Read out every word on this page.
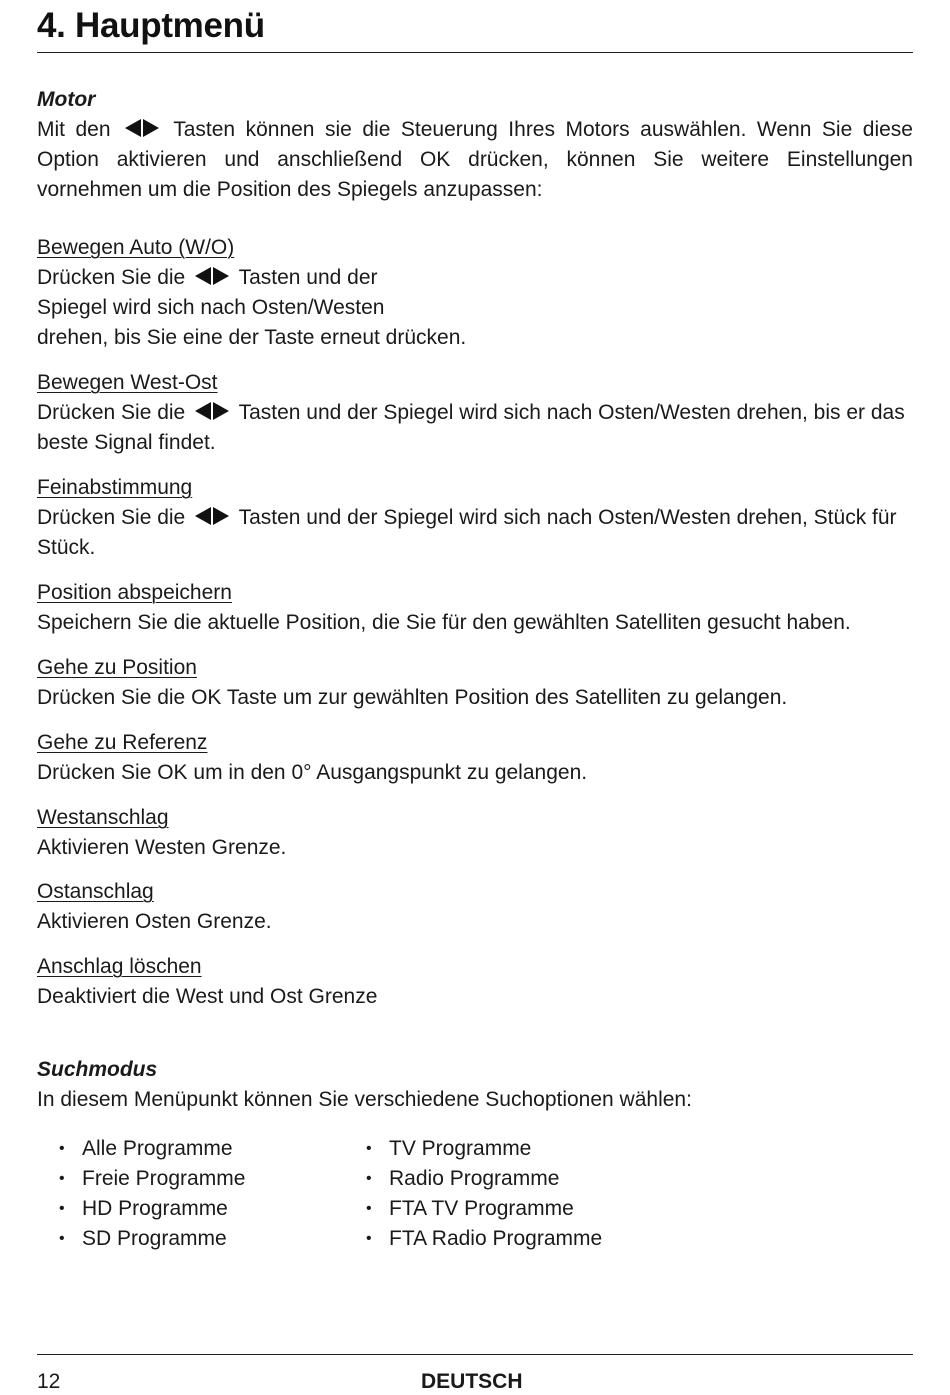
4. Hauptmenü
Motor

Mit den	Tasten können sie die Steuerung Ihres Motors auswählen. Wenn Sie diese Option aktivieren und anschließend OK drücken, können Sie weitere Einstellungen vornehmen um die Position des Spiegels anzupassen:

Bewegen Auto (W/O)
Drücken Sie die	Tasten und der
Spiegel wird sich nach Osten/Westen
drehen, bis Sie eine der Taste erneut drücken.
Bewegen West-Ost
Drücken Sie die	Tasten und der Spiegel wird sich nach Osten/Westen drehen, bis er das beste Signal findet.
Feinabstimmung
Drücken Sie die	Tasten und der Spiegel wird sich nach Osten/Westen drehen, Stück für Stück.
Position abspeichern
Speichern Sie die aktuelle Position, die Sie für den gewählten Satelliten gesucht haben.
Gehe zu Position
Drücken Sie die OK Taste um zur gewählten Position des Satelliten zu gelangen.
Gehe zu Referenz
Drücken Sie OK um in den 0° Ausgangspunkt zu gelangen.
Westanschlag
Aktivieren Westen Grenze.
Ostanschlag
Aktivieren Osten Grenze.
Anschlag löschen
Deaktiviert die West und Ost Grenze
Suchmodus
In diesem Menüpunkt können Sie verschiedene Suchoptionen wählen:
• Alle Programme
• Freie Programme
• HD Programme
• SD Programme
• TV Programme
• Radio Programme
• FTA TV Programme
• FTA Radio Programme
12	DEUTSCH
